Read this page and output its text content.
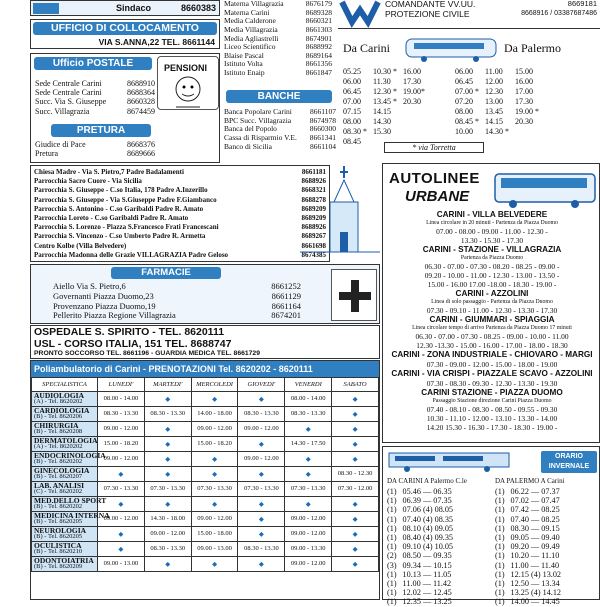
Sindaco	8660383
UFFICIO DI COLLOCAMENTO
VIA S.ANNA,22 TEL. 8661144
Ufficio POSTALE	PENSIONI
Sede Centrale Carini	8688910
Sede Centrale Carini	8688364
Succ. Via S. Giuseppe	8660328
Succ. Villagrazia	8674459
PRETURA
Giudice di Pace	8668376
Pretura	8689666
Materna Villagrazia	8676179
Materna Carini	8689328
Media Calderone	8660321
Media Villagrazia	8661303
Media Agliastrelli	8674901
Liceo Scientifico	8688992
Blaise Pascal	8689164
Istituto Volta	8661356
Istituto Enaip	8661847
BANCHE
Banca Popolare Carini 8661107
BPC Succ. Villagrazia 8674978
Banca del Popolo	8660300
Cassa di Risparmio V.E. 8661341
Banco di Sicilia	8661104
COMANDANTE VV.UU.	8669181
PROTEZIONE CIVILE	8668916 / 03387687486
Da Carini	Da Palermo
05.25	10.30 *	16.00
06.00	11.30	17.30
06.45	12.30 *	19.00*
07.00	13.45 *	20.30
07.15	14.15	
08.00	14.30	
08.30 *	15.30	
08.45		
06.00	11.00	15.00
06.45	12.00	16.00
07.00 *	12.30	17.00
07.20	13.00	17.30
08.00	13.45	19.00 *
08.45 *	14.15	20.30
10.00	14.30 *	
* via Torretta
Chiesa Madre - Via S. Pietro,7 Padre Badalamenti	8661181
Parrocchia Sacro Cuore - Via Sicilia	8688926
Parrocchia S. Giuseppe - C.so Italia, 178 Padre A.Inzerillo	8668321
Parrocchia S. Giuseppe - Via S.Giuseppe Padre F.Giambanco	8688278
Parrocchia S. Antonino - C.so Garibaldi Padre R. Amato	8689209
Parrocchia Loreto - C.so Garibaldi Padre R. Amato	8689209
Parrocchia S. Lorenzo - Piazza S.Francesco Frati Francescani	8688926
Parrocchia S. Vincenzo - C.so Umberto Padre R. Armetta	8689267
Centro Kolbe (Villa Belvedere)	8661698
Parrocchia Madonna delle Grazie VILLAGRAZIA Padre Geloso	8674385
FARMACIE
Aiello Via S. Pietro,6	8661252
Governanti Piazza Duomo,23	8661129
Provenzano Piazza Duomo,19	8661164
Pellerito Piazza Regione Villagrazia	8674201
OSPEDALE S. SPIRITO - TEL. 8620111
USL - CORSO ITALIA, 151 TEL. 8688747
PRONTO SOCCORSO TEL. 8661196 - GUARDIA MEDICA TEL. 8661729
Poliambulatorio di Carini - PRENOTAZIONI Tel. 8620202 - 8620111
SPECIALISTICA	LUNEDI'	MARTEDI'	MERCOLEDI	GIOVEDI'	VENERDI	SABATO

AUDIOLOGIA
(A) - Tel. 8620202	08.00 - 14.00	◆	◆	◆	08.00 - 14.00	◆

CARDIOLOGIA
(B) - Tel. 8620206	08.30 - 13.30	08.30 - 13.30	14.00 - 18.00	08.30 - 13.30	08.30 - 13.30	◆

CHIRURGIA
(B) - Tel. 8620208	09.00 - 12.00	◆	09.00 - 12.00	09.00 - 12.00	◆	◆

DERMATOLOGIA
(A) - Tel. 8620202	15.00 - 18.20	◆	15.00 - 18.20	◆	14.30 - 17.50	◆

ENDOCRINOLOGIA
(B) - Tel. 8620202	09.00 - 12.00	◆	◆	09.00 - 12.00	◆	◆

GINECOLOGIA
(B) - Tel. 8620207	◆	◆	◆	◆	◆	08.30 - 12.30

LAB. ANALISI
(C) - Tel. 8620202	07.30 - 13.30	07.30 - 13.30	07.30 - 13.30	07.30 - 13.30	07.30 - 13.30	07.30 - 12.00

MED.DELLO SPORT
(B) - Tel. 8620202	◆	◆	◆	◆	◆	◆

MEDICINA INTERNA
(B) - Tel. 8620205	09.00 - 12.00	14.30 - 18.00	09.00 - 12.00	◆	09.00 - 12.00	◆

NEUROLOGIA
(B) - Tel. 8620205	◆	09.00 - 12.00	15.00 - 18.00	◆	09.00 - 12.00	◆

OCULISTICA
(B) - Tel. 8620210	◆	08.30 - 13.30	09.00 - 13.00	08.30 - 13.30	09.00 - 13.30	◆

ODONTOIATRIA
(B) - Tel. 8620209	09.00 - 13.00	◆	◆	◆	09.00 - 12.00	◆
AUTOLINEE
URBANE
CARINI - VILLA BELVEDERE
Linea circolare in 20 minuti - Partenza da Piazza Duomo
07.00 - 08.00 - 09.00 - 11.00 - 12.30 -
13.30 - 15.30 - 17.30
CARINI - STAZIONE - VILLAGRAZIA
Partenza da Piazza Duomo
06.30 - 07.00 - 07.30 - 08.20 - 08.25 - 09.00 -
09.20 - 10.00 - 11.00 - 12.30 - 13.00 - 13.50 -
15.00 - 16.00 17.00 -18.00 - 18.30 - 19.00 -
CARINI - AZZOLINI
Linea di solo passaggio - Partenza da Piazza Duomo
07.30 - 09.10 - 11.00 - 12.30 - 13.30 - 17.30
CARINI - GIUMMARI - SPIAGGIA
Linea circolare tempo di arrivo Partenza da Piazza Duomo 17 minuti
06.30 - 07.00 - 07.30 - 08.25 - 09.00 - 10.00 - 11.00
12.30 -13.30 - 15.00 - 16.00 - 17.00 - 18.00 - 18.30
CARINI - ZONA INDUSTRIALE - CHIOVARO - MARGI
07.30 - 09.00 - 12.00 - 15.00 - 18.00 - 19.00
CARINI - VIA CRISPI - PIAZZALE SCAVO - AZZOLINI
07.30 - 08.30 - 09.30 - 12.30 - 13.30 - 19.30
CARINI STAZIONE - PIAZZA DUOMO
Passaggio Stazione direzione Carini Piazza Duomo
07.40 - 08.10 - 08.30 - 08.50 - 09.55 - 09.30
10.30 - 11.10 - 12.00 - 13.10 - 13.30 - 14.00
14.20 15.30 - 16.30 - 17.30 - 18.30 - 19.00 -
ORARIO
INVERNALE
DA CARINI A Palermo C.le	DA PALERMO A Carini
(1) 05.46 — 06.35
(1) 06.39 — 07.35
(1) 07.06 (4) 08.05
(1) 07.40 (4) 08.35
(1) 08.10 (4) 09.05
(1) 08.40 (4) 09.35
(1) 09.10 (4) 10.05
(2) 08.50 — 09.35
(3) 09.34 — 10.15
(1) 10.13 — 11.05
(1) 11.00 — 11.42
(1) 12.02 — 12.45
(1) 12.35 — 13.25
(1) 06.22 — 07.37
(1) 07.02 — 07.47
(1) 07.42 — 08.25
(1) 07.40 — 08.25
(1) 08.30 — 09.15
(1) 09.05 — 09.40
(1) 09.20 — 09.49
(1) 10.20 — 11.10
(1) 11.00 — 11.40
(1) 12.15 (4) 13.02
(1) 12.50 — 13.34
(1) 13.25 (4) 14.12
(1) 14.00 — 14.45
